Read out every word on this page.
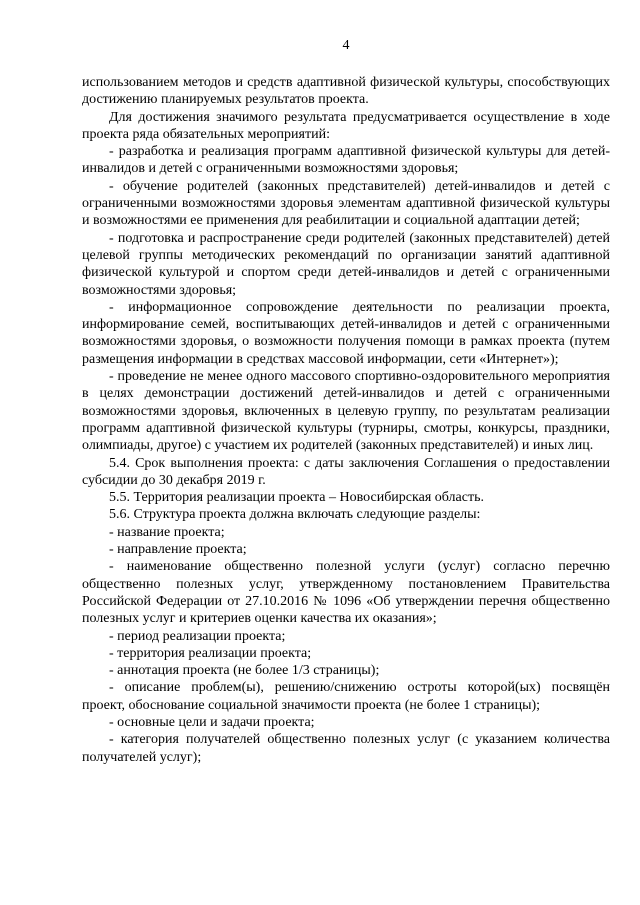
4

использованием методов и средств адаптивной физической культуры, способствующих достижению планируемых результатов проекта.

Для достижения значимого результата предусматривается осуществление в ходе проекта ряда обязательных мероприятий:

- разработка и реализация программ адаптивной физической культуры для детей-инвалидов и детей с ограниченными возможностями здоровья;

- обучение родителей (законных представителей) детей-инвалидов и детей с ограниченными возможностями здоровья элементам адаптивной физической культуры и возможностями ее применения для реабилитации и социальной адаптации детей;

- подготовка и распространение среди родителей (законных представителей) детей целевой группы методических рекомендаций по организации занятий адаптивной физической культурой и спортом среди детей-инвалидов и детей с ограниченными возможностями здоровья;

- информационное сопровождение деятельности по реализации проекта, информирование семей, воспитывающих детей-инвалидов и детей с ограниченными возможностями здоровья, о возможности получения помощи в рамках проекта (путем размещения информации в средствах массовой информации, сети «Интернет»);

- проведение не менее одного массового спортивно-оздоровительного мероприятия в целях демонстрации достижений детей-инвалидов и детей с ограниченными возможностями здоровья, включенных в целевую группу, по результатам реализации программ адаптивной физической культуры (турниры, смотры, конкурсы, праздники, олимпиады, другое) с участием их родителей (законных представителей) и иных лиц.

5.4. Срок выполнения проекта: с даты заключения Соглашения о предоставлении субсидии до 30 декабря 2019 г.

5.5. Территория реализации проекта – Новосибирская область.

5.6. Структура проекта должна включать следующие разделы:

- название проекта;

- направление проекта;

- наименование общественно полезной услуги (услуг) согласно перечню общественно полезных услуг, утвержденному постановлением Правительства Российской Федерации от 27.10.2016 № 1096 «Об утверждении перечня общественно полезных услуг и критериев оценки качества их оказания»;

- период реализации проекта;

- территория реализации проекта;

- аннотация проекта (не более 1/3 страницы);

- описание проблем(ы), решению/снижению остроты которой(ых) посвящён проект, обоснование социальной значимости проекта (не более 1 страницы);

- основные цели и задачи проекта;

- категория получателей общественно полезных услуг (с указанием количества получателей услуг);
